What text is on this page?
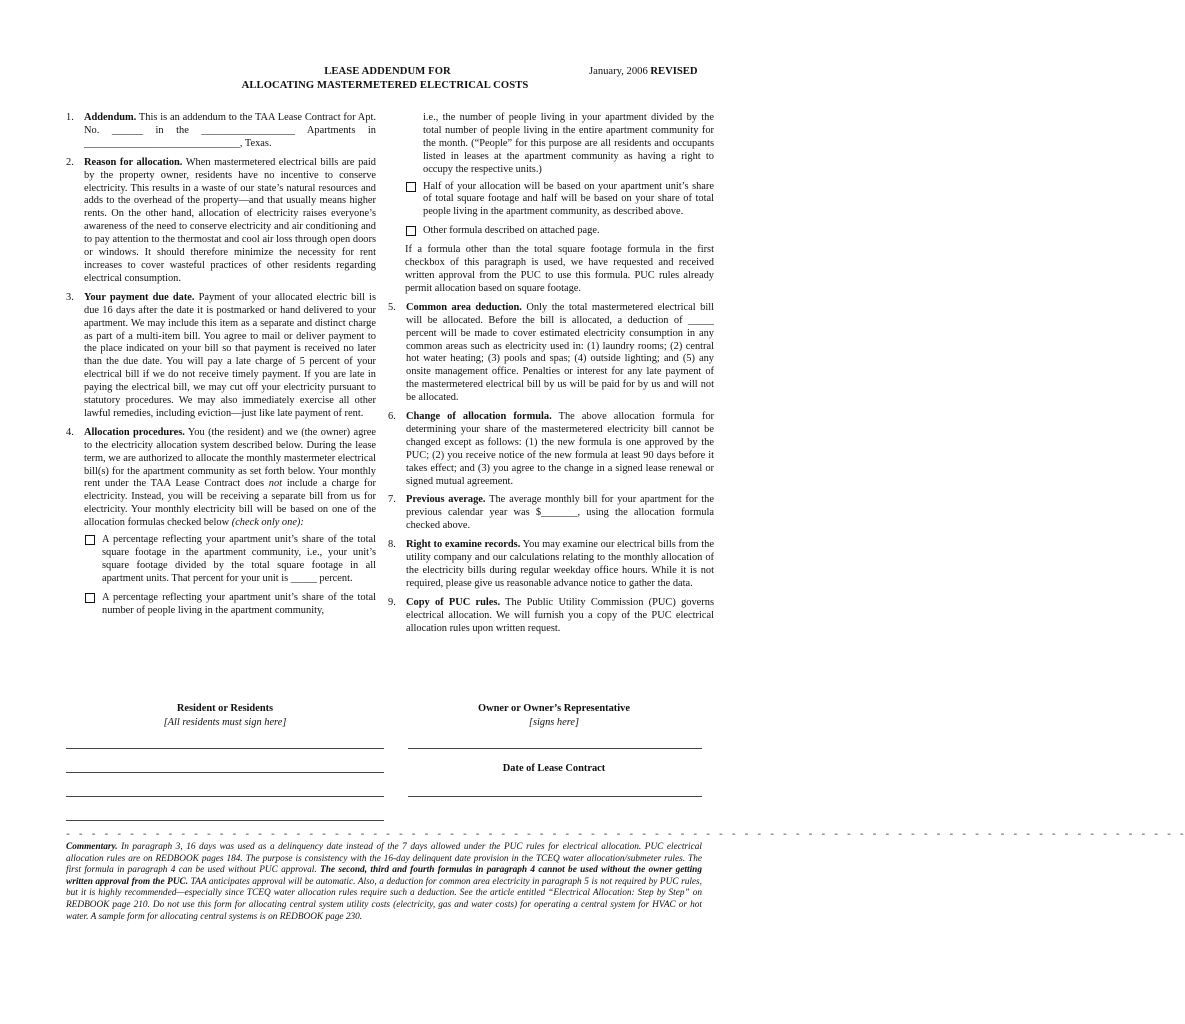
LEASE ADDENDUM FOR
ALLOCATING MASTERMETERED ELECTRICAL COSTS
January, 2006 REVISED
1. Addendum. This is an addendum to the TAA Lease Contract for Apt. No. ______ in the __________________ Apartments in ______________________________, Texas.
2. Reason for allocation. When mastermetered electrical bills are paid by the property owner, residents have no incentive to conserve electricity. This results in a waste of our state’s natural resources and adds to the overhead of the property—and that usually means higher rents. On the other hand, allocation of electricity raises everyone’s awareness of the need to conserve electricity and air conditioning and to pay attention to the thermostat and cool air loss through open doors or windows. It should therefore minimize the necessity for rent increases to cover wasteful practices of other residents regarding electrical consumption.
3. Your payment due date. Payment of your allocated electric bill is due 16 days after the date it is postmarked or hand delivered to your apartment. We may include this item as a separate and distinct charge as part of a multi-item bill. You agree to mail or deliver payment to the place indicated on your bill so that payment is received no later than the due date. You will pay a late charge of 5 percent of your electrical bill if we do not receive timely payment. If you are late in paying the electrical bill, we may cut off your electricity pursuant to statutory procedures. We may also immediately exercise all other lawful remedies, including eviction—just like late payment of rent.
4. Allocation procedures. You (the resident) and we (the owner) agree to the electricity allocation system described below. During the lease term, we are authorized to allocate the monthly mastermeter electrical bill(s) for the apartment community as set forth below. Your monthly rent under the TAA Lease Contract does not include a charge for electricity. Instead, you will be receiving a separate bill from us for electricity. Your monthly electricity bill will be based on one of the allocation formulas checked below (check only one):
A percentage reflecting your apartment unit’s share of the total square footage in the apartment community, i.e., your unit’s square footage divided by the total square footage in all apartment units. That percent for your unit is _____ percent.
A percentage reflecting your apartment unit’s share of the total number of people living in the apartment community,

i.e., the number of people living in your apartment divided by the total number of people living in the entire apartment community for the month. (“People” for this purpose are all residents and occupants listed in leases at the apartment community as having a right to occupy the respective units.)

Half of your allocation will be based on your apartment unit’s share of total square footage and half will be based on your share of total people living in the apartment community, as described above.
Other formula described on attached page.

If a formula other than the total square footage formula in the first checkbox of this paragraph is used, we have requested and received written approval from the PUC to use this formula. PUC rules already permit allocation based on square footage.

5. Common area deduction. Only the total mastermetered electrical bill will be allocated. Before the bill is allocated, a deduction of _____ percent will be made to cover estimated electricity consumption in any common areas such as electricity used in: (1) laundry rooms; (2) central hot water heating; (3) pools and spas; (4) outside lighting; and (5) any onsite management office. Penalties or interest for any late payment of the mastermetered electrical bill by us will be paid for by us and will not be allocated.
6. Change of allocation formula. The above allocation formula for determining your share of the mastermetered electricity bill cannot be changed except as follows: (1) the new formula is one approved by the PUC; (2) you receive notice of the new formula at least 90 days before it takes effect; and (3) you agree to the change in a signed lease renewal or signed mutual agreement.
7. Previous average. The average monthly bill for your apartment for the previous calendar year was $_______, using the allocation formula checked above.
8. Right to examine records. You may examine our electrical bills from the utility company and our calculations relating to the monthly allocation of the electricity bills during regular weekday office hours. While it is not required, please give us reasonable advance notice to gather the data.
9. Copy of PUC rules. The Public Utility Commission (PUC) governs electrical allocation. We will furnish you a copy of the PUC electrical allocation rules upon written request.
Resident or Residents
[All residents must sign here]
Owner or Owner’s Representative
[signs here]
Date of Lease Contract
- - - - - - - - - - - - - - - - - - - - - - - - - - - - - - - - - - - - - - - - - - - - - - - - - - - - - - - - - - - - - - - - - - - - - - - - - - - - - - - - - - - - - - - -
Commentary. In paragraph 3, 16 days was used as a delinquency date instead of the 7 days allowed under the PUC rules for electrical allocation. PUC electrical allocation rules are on REDBOOK pages 184. The purpose is consistency with the 16-day delinquent date provision in the TCEQ water allocation/submeter rules. The first formula in paragraph 4 can be used without PUC approval. The second, third and fourth formulas in paragraph 4 cannot be used without the owner getting written approval from the PUC. TAA anticipates approval will be automatic. Also, a deduction for common area electricity in paragraph 5 is not required by PUC rules, but it is highly recommended—especially since TCEQ water allocation rules require such a deduction. See the article entitled “Electrical Allocation: Step by Step” on REDBOOK page 210. Do not use this form for allocating central system utility costs (electricity, gas and water costs) for operating a central system for HVAC or hot water. A sample form for allocating central systems is on REDBOOK page 230.
